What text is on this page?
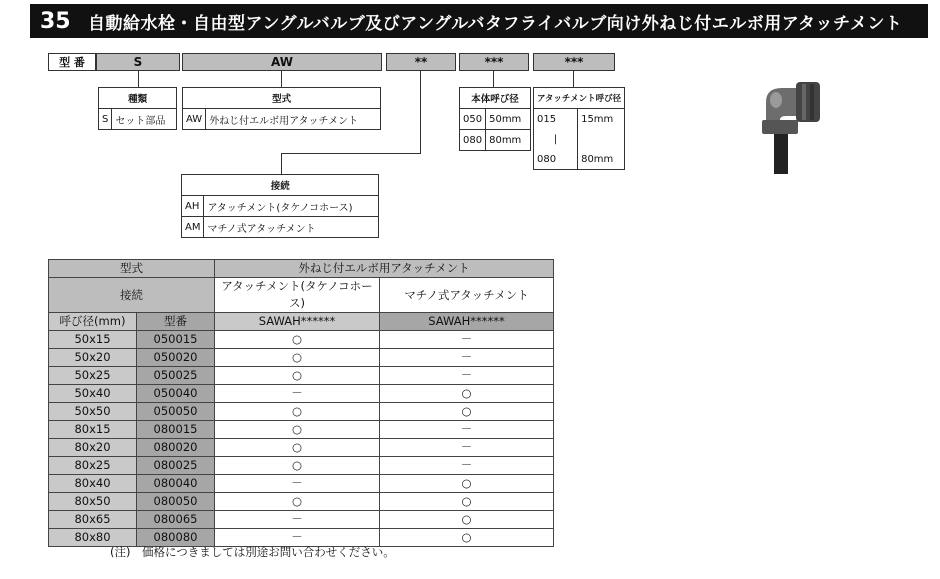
35	自動給水栓・自由型アングルバルブ及びアングルバタフライバルブ向け外ねじ付エルボ用アタッチメント
型 番	S	AW	**	***	***
種類
S	セット部品
型式
AW	外ねじ付エルボ用アタッチメント
本体呼び径	
050	50mm
080	80mm
アタッチメント呼び径	
015	15mm
|	
080	80mm
接続	
AH	アタッチメント(タケノコホース)
AM	マチノ式アタッチメント
型式		外ねじ付エルボ用アタッチメント	
接続		アタッチメント(タケノコホース)	マチノ式アタッチメント
呼び径(mm)	型番	SAWAH******	SAWAH******
50x15	050015	○	－
50x20	050020	○	－
50x25	050025	○	－
50x40	050040	－	○
50x50	050050	○	○
80x15	080015	○	－
80x20	080020	○	－
80x25	080025	○	－
80x40	080040	－	○
80x50	080050	○	○
80x65	080065	－	○
80x80	080080	－	○
(注)　価格につきましては別途お問い合わせください。
